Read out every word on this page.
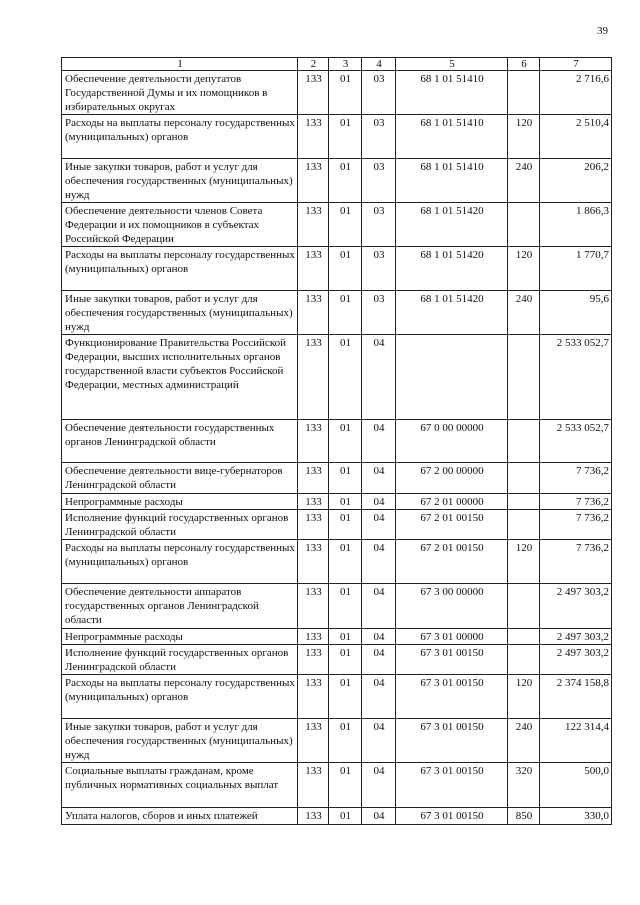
39
1	2	3	4	5	6	7
Обеспечение деятельности депутатов Государственной Думы и их помощников в избирательных округах	133	01	03	68 1 01 51410		2 716,6
Расходы на выплаты персоналу государственных (муниципальных) органов	133	01	03	68 1 01 51410	120	2 510,4
Иные закупки товаров, работ и услуг для обеспечения государственных (муниципальных) нужд	133	01	03	68 1 01 51410	240	206,2
Обеспечение деятельности членов Совета Федерации и их помощников в субъектах Российской Федерации	133	01	03	68 1 01 51420		1 866,3
Расходы на выплаты персоналу государственных (муниципальных) органов	133	01	03	68 1 01 51420	120	1 770,7
Иные закупки товаров, работ и услуг для обеспечения государственных (муниципальных) нужд	133	01	03	68 1 01 51420	240	95,6
Функционирование Правительства Российской Федерации, высших исполнительных органов государственной власти субъектов Российской Федерации, местных администраций	133	01	04			2 533 052,7
Обеспечение деятельности государственных органов Ленинградской области	133	01	04	67 0 00 00000		2 533 052,7
Обеспечение деятельности вице-губернаторов Ленинградской области	133	01	04	67 2 00 00000		7 736,2
Непрограммные расходы	133	01	04	67 2 01 00000		7 736,2
Исполнение функций государственных органов Ленинградской области	133	01	04	67 2 01 00150		7 736,2
Расходы на выплаты персоналу государственных (муниципальных) органов	133	01	04	67 2 01 00150	120	7 736,2
Обеспечение деятельности аппаратов государственных органов Ленинградской области	133	01	04	67 3 00 00000		2 497 303,2
Непрограммные расходы	133	01	04	67 3 01 00000		2 497 303,2
Исполнение функций государственных органов Ленинградской области	133	01	04	67 3 01 00150		2 497 303,2
Расходы на выплаты персоналу государственных (муниципальных) органов	133	01	04	67 3 01 00150	120	2 374 158,8
Иные закупки товаров, работ и услуг для обеспечения государственных (муниципальных) нужд	133	01	04	67 3 01 00150	240	122 314,4
Социальные выплаты гражданам, кроме публичных нормативных социальных выплат	133	01	04	67 3 01 00150	320	500,0
Уплата налогов, сборов и иных платежей	133	01	04	67 3 01 00150	850	330,0
